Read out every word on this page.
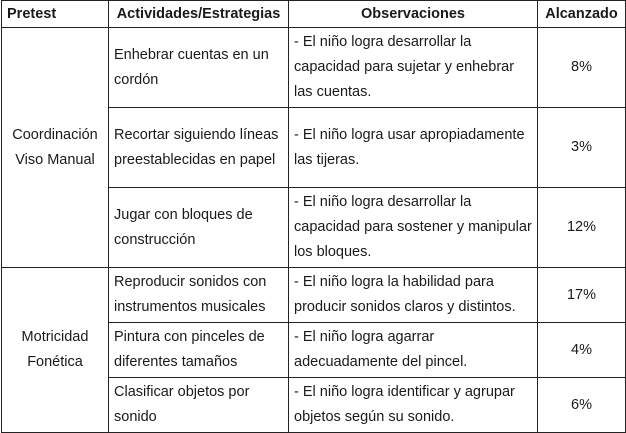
Pretest	Actividades/Estrategias	Observaciones	Alcanzado
Coordinación Viso Manual	Enhebrar cuentas en un cordón	- El niño logra desarrollar la capacidad para sujetar y enhebrar las cuentas.	8%
	Recortar siguiendo líneas preestablecidas en papel	- El niño logra usar apropiadamente las tijeras.	3%
	Jugar con bloques de construcción	- El niño logra desarrollar la capacidad para sostener y manipular los bloques.	12%
Motricidad Fonética	Reproducir sonidos con instrumentos musicales	- El niño logra la habilidad para producir sonidos claros y distintos.	17%
	Pintura con pinceles de diferentes tamaños	- El niño logra agarrar adecuadamente del pincel.	4%
	Clasificar objetos por sonido	- El niño logra identificar y agrupar objetos según su sonido.	6%
